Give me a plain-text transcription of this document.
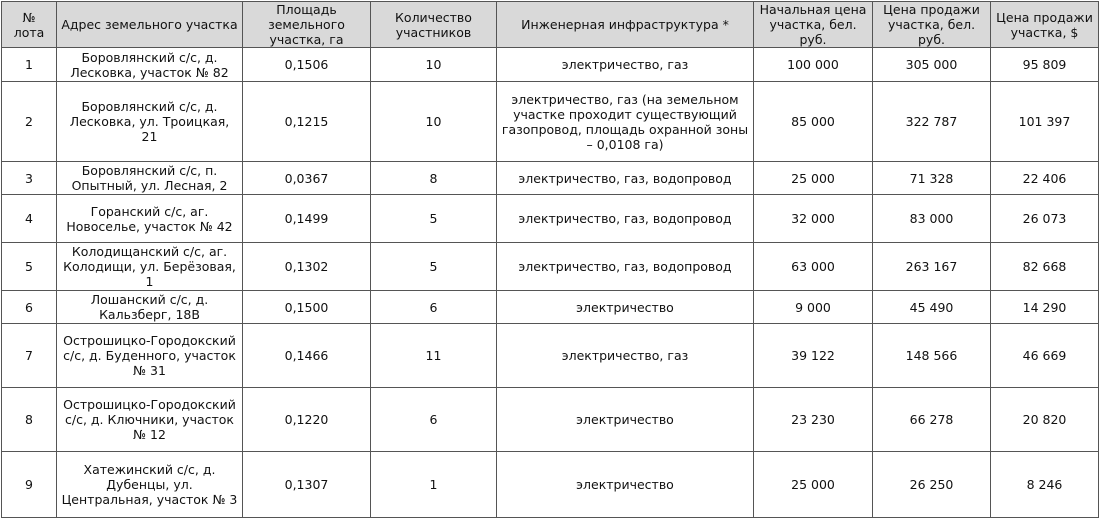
№ лота	Адрес земельного участка	Площадь земельного участка, га	Количество участников	Инженерная инфраструктура *	Начальная цена участка, бел. руб.	Цена продажи участка, бел. руб.	Цена продажи участка, $
1	Боровлянский с/с, д. Лесковка, участок № 82	0,1506	10	электричество, газ	100 000	305 000	95 809
2	Боровлянский с/с, д. Лесковка, ул. Троицкая, 21	0,1215	10	электричество, газ (на земельном участке проходит существующий газопровод, площадь охранной зоны – 0,0108 га)	85 000	322 787	101 397
3	Боровлянский с/с, п. Опытный, ул. Лесная, 2	0,0367	8	электричество, газ, водопровод	25 000	71 328	22 406
4	Горанский с/с, аг. Новоселье, участок № 42	0,1499	5	электричество, газ, водопровод	32 000	83 000	26 073
5	Колодищанский с/с, аг. Колодищи, ул. Берёзовая, 1	0,1302	5	электричество, газ, водопровод	63 000	263 167	82 668
6	Лошанский с/с, д. Кальзберг, 18В	0,1500	6	электричество	9 000	45 490	14 290
7	Острошицко-Городокский с/с, д. Буденного, участок № 31	0,1466	11	электричество, газ	39 122	148 566	46 669
8	Острошицко-Городокский с/с, д. Ключники, участок № 12	0,1220	6	электричество	23 230	66 278	20 820
9	Хатежинский с/с, д. Дубенцы, ул. Центральная, участок № 3	0,1307	1	электричество	25 000	26 250	8 246
